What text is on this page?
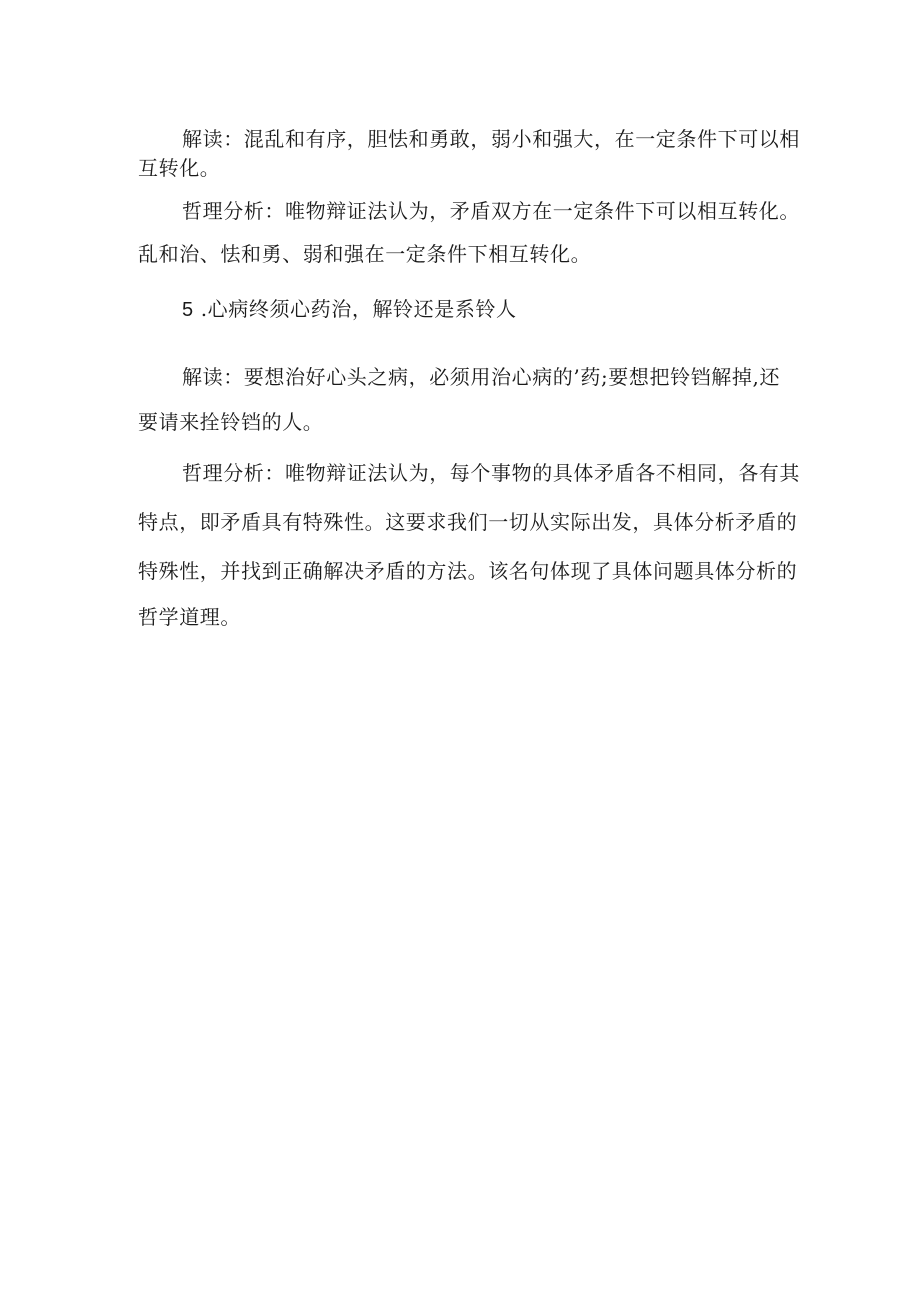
解读：混乱和有序，胆怯和勇敢，弱小和强大，在一定条件下可以相
互转化。
哲理分析：唯物辩证法认为，矛盾双方在一定条件下可以相互转化。
乱和治、怯和勇、弱和强在一定条件下相互转化。
5 .心病终须心药治，解铃还是系铃人
解读：要想治好心头之病，必须用治心病的’药;要想把铃铛解掉,还
要请来拴铃铛的人。
哲理分析：唯物辩证法认为，每个事物的具体矛盾各不相同，各有其
特点，即矛盾具有特殊性。这要求我们一切从实际出发，具体分析矛盾的
特殊性，并找到正确解决矛盾的方法。该名句体现了具体问题具体分析的
哲学道理。
